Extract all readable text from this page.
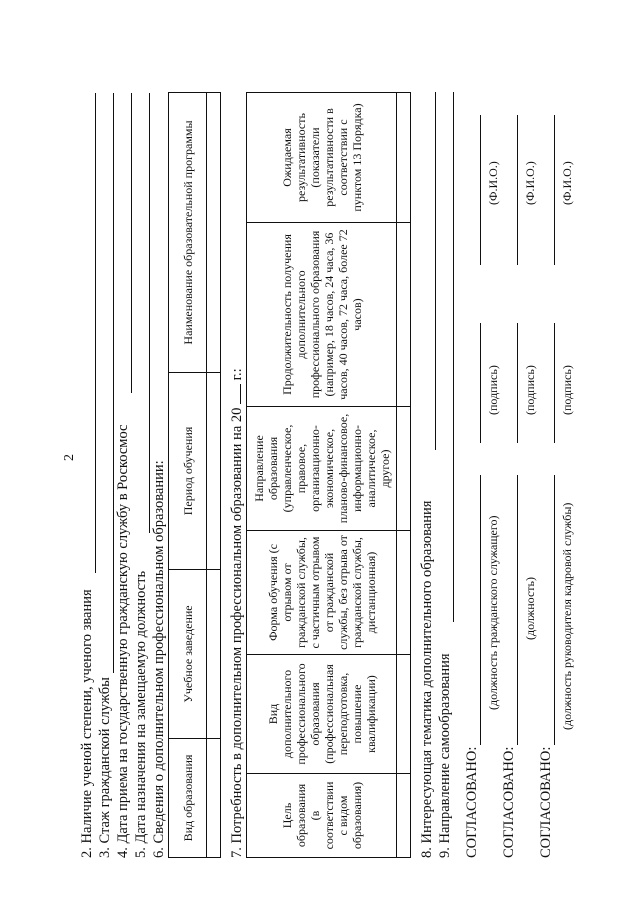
2
2. Наличие ученой степени, ученого звания 3. Стаж гражданской службы 4. Дата приема на государственную гражданскую службу в Роскосмос 5. Дата назначения на замещаемую должность 6. Сведения о дополнительном профессиональном образовании: Вид образования	Учебное заведение	Период обучения	Наименование образовательной программы

7. Потребность в дополнительном профессиональном образовании на 20  г.:
Цель образования (в соответствии с видом образования)	Вид дополнительного профессионального образования (профессиональная переподготовка, повышение квалификации)	Форма обучения (с отрывом от гражданской службы, с частичным отрывом от гражданской службы, без отрыва от гражданской службы, дистанционная)	Направление образования (управленческое, правовое, организационно-экономическое, планово-финансовое, информационно-аналитическое, другое)	Продолжительность получения дополнительного профессионального образования (например, 18 часов, 24 часа, 36 часов, 40 часов, 72 часа, более 72 часов)	Ожидаемая результативность (показатели результативности в соответствии с пунктом 13 Порядка)

8. Интересующая тематика дополнительного образования 9. Направление самообразования СОГЛАСОВАНО:
(должность гражданского служащего)
(подпись)
(Ф.И.О.)
СОГЛАСОВАНО:
(должность)
(подпись)
(Ф.И.О.)
СОГЛАСОВАНО:
(должность руководителя кадровой службы)
(подпись)
(Ф.И.О.)
